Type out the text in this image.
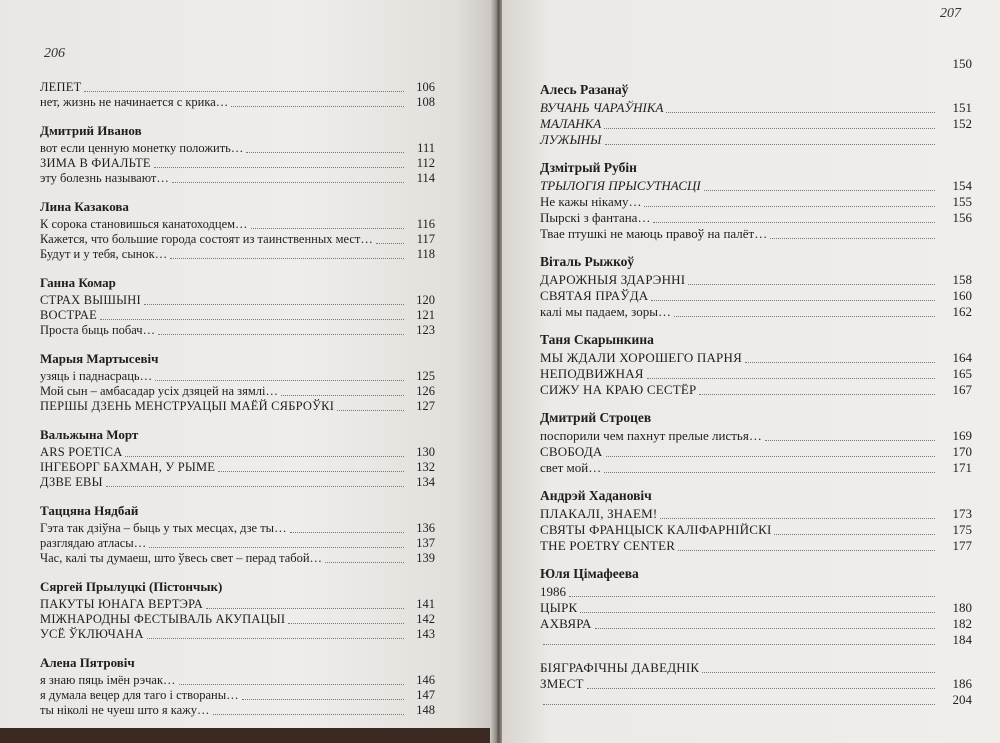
206
207
ЛЕПЕТ	106
нет, жизнь не начинается с крика…	108
Дмитрий Иванов
вот если ценную монетку положить…	111
ЗИМА В ФИАЛЬТЕ	112
эту болезнь называют…	114
Лина Казакова
К сорока становишься канатоходцем…	116
Кажется, что большие города состоят из таинственных мест…	117
Будут и у тебя, сынок…	118
Ганна Комар
СТРАХ ВЫШЫНІ	120
ВОСТРАЕ	121
Проста быць побач…	123
Марыя Мартысевіч
узяць і паднасраць…	125
Мой сын – амбасадар усіх дзяцей на зямлі…	126
ПЕРШЫ ДЗЕНЬ МЕНСТРУАЦЫІ МАЁЙ СЯБРОЎКІ	127
Вальжына Морт
ARS POETICA	130
ІНГЕБОРГ БАХМАН, У РЫМЕ	132
ДЗВЕ ЕВЫ	134
Таццяна Нядбай
Гэта так дзіўна – быць у тых месцах, дзе ты…	136
разглядаю атласы…	137
Час, калі ты думаеш, што ўвесь свет – перад табой…	139
Сяргей Прылуцкі (Пістончык)
ПАКУТЫ ЮНАГА ВЕРТЭРА	141
МІЖНАРОДНЫ ФЕСТЫВАЛЬ АКУПАЦЫІ	142
УСЁ ЎКЛЮЧАНА	143
Алена Пятровіч
я знаю пяць імён рэчак…	146
я думала вецер для таго і створаны…	147
ты ніколі не чуеш што я кажу…	148
150
Алесь Разанаў
ВУЧАНЬ ЧАРАЎНІКА	151
МАЛАНКА	152
ЛУЖЫНЫ
Дзмітрый Рубін
ТРЫЛОГІЯ ПРЫСУТНАСЦІ	154
Не кажы нікаму…	155
Пырскі з фантана…	156
Твае птушкі не маюць правоў на палёт…
Віталь Рыжкоў
ДАРОЖНЫЯ ЗДАРЭННІ	158
СВЯТАЯ ПРАЎДА	160
калі мы падаем, зоры…	162
Таня Скарынкина
МЫ ЖДАЛИ ХОРОШЕГО ПАРНЯ	164
НЕПОДВИЖНАЯ	165
СИЖУ НА КРАЮ СЕСТЁР	167
Дмитрий Строцев
поспорили чем пахнут прелые листья…	169
СВОБОДА	170
свет мой…	171
Андрэй Хадановіч
ПЛАКАЛІ, ЗНАЕМ!	173
СВЯТЫ ФРАНЦЫСК КАЛІФАРНІЙСКІ	175
THE POETRY CENTER	177
Юля Цімафеева
1986
ЦЫРК	180
АХВЯРА	182
184
БІЯГРАФІЧНЫ ДАВЕДНІК
ЗМЕСТ	186
204
